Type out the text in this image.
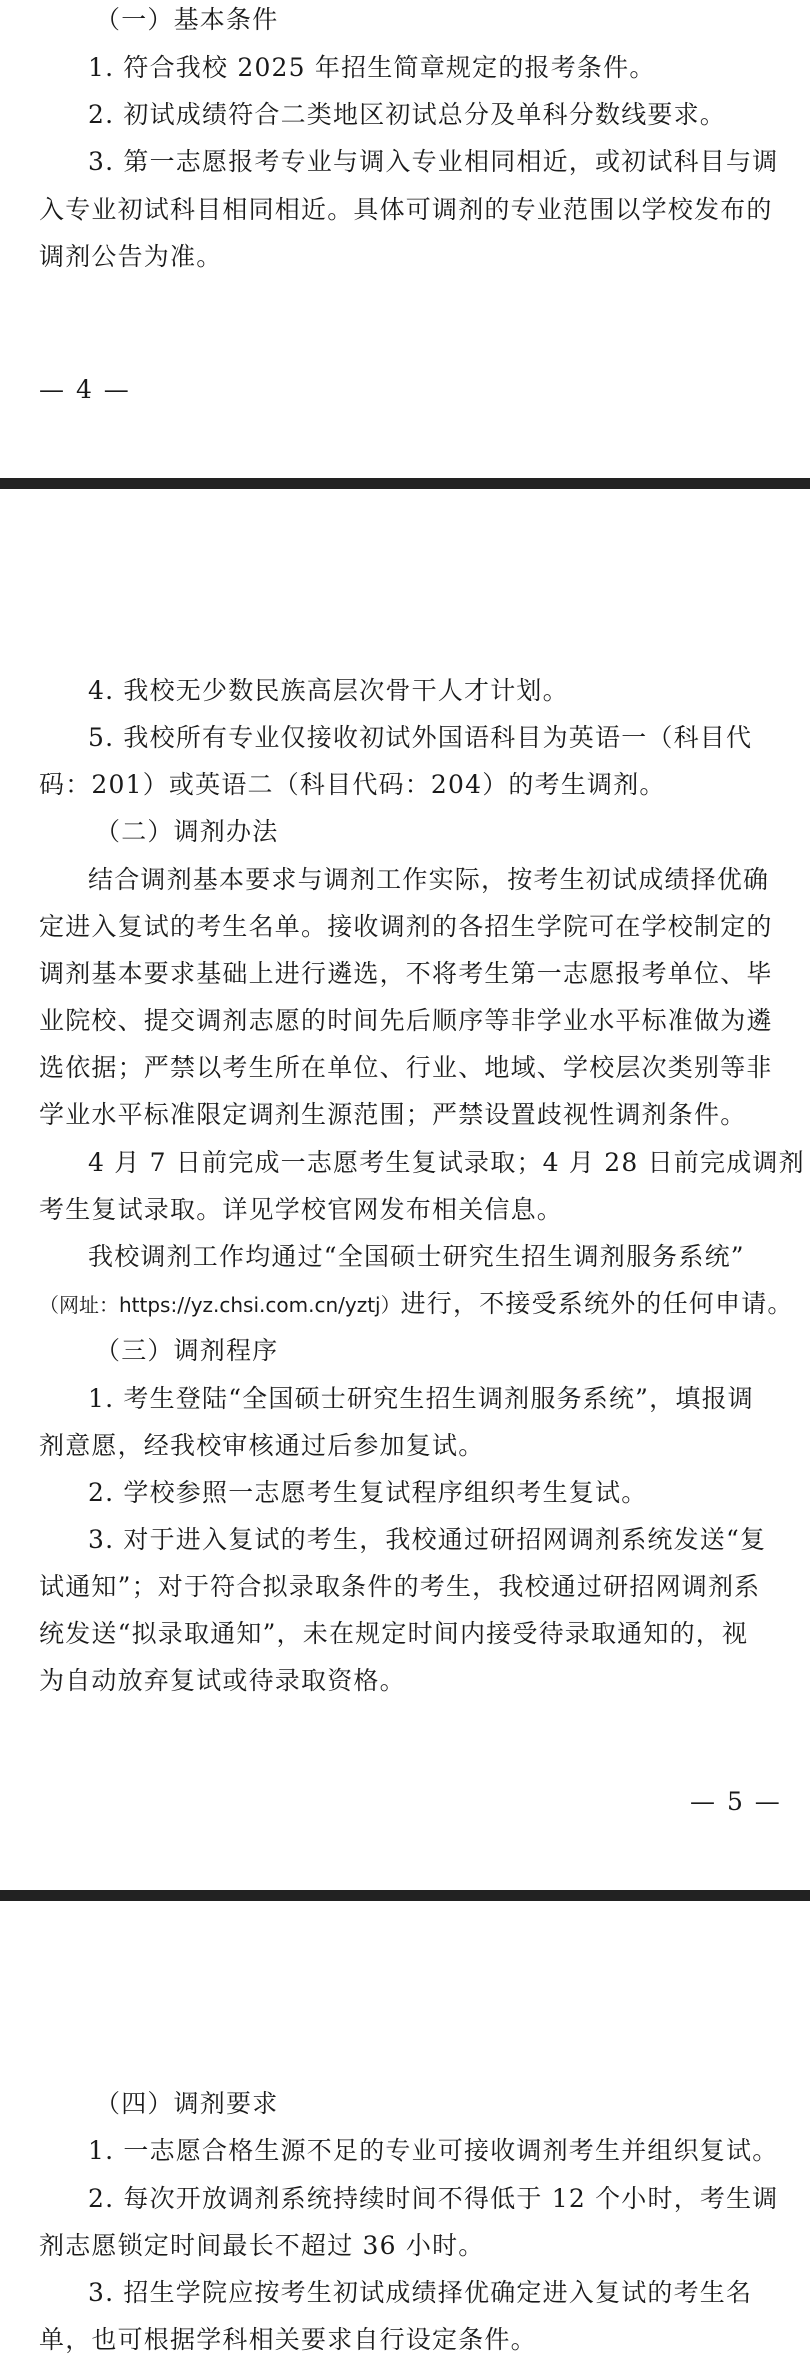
（一）基本条件
1. 符合我校 2025 年招生简章规定的报考条件。
2. 初试成绩符合二类地区初试总分及单科分数线要求。
3. 第一志愿报考专业与调入专业相同相近，或初试科目与调
入专业初试科目相同相近。具体可调剂的专业范围以学校发布的
调剂公告为准。
— 4 —
4. 我校无少数民族高层次骨干人才计划。
5. 我校所有专业仅接收初试外国语科目为英语一（科目代
码：201）或英语二（科目代码：204）的考生调剂。
（二）调剂办法
结合调剂基本要求与调剂工作实际，按考生初试成绩择优确
定进入复试的考生名单。接收调剂的各招生学院可在学校制定的
调剂基本要求基础上进行遴选，不将考生第一志愿报考单位、毕
业院校、提交调剂志愿的时间先后顺序等非学业水平标准做为遴
选依据；严禁以考生所在单位、行业、地域、学校层次类别等非
学业水平标准限定调剂生源范围；严禁设置歧视性调剂条件。
4 月 7 日前完成一志愿考生复试录取；4 月 28 日前完成调剂
考生复试录取。详见学校官网发布相关信息。
我校调剂工作均通过“全国硕士研究生招生调剂服务系统”
（网址：https://yz.chsi.com.cn/yztj）进行，不接受系统外的任何申请。
（三）调剂程序
1. 考生登陆“全国硕士研究生招生调剂服务系统”，填报调
剂意愿，经我校审核通过后参加复试。
2. 学校参照一志愿考生复试程序组织考生复试。
3. 对于进入复试的考生，我校通过研招网调剂系统发送“复
试通知”；对于符合拟录取条件的考生，我校通过研招网调剂系
统发送“拟录取通知”，未在规定时间内接受待录取通知的，视
为自动放弃复试或待录取资格。
— 5 —
（四）调剂要求
1. 一志愿合格生源不足的专业可接收调剂考生并组织复试。
2. 每次开放调剂系统持续时间不得低于 12 个小时，考生调
剂志愿锁定时间最长不超过 36 小时。
3. 招生学院应按考生初试成绩择优确定进入复试的考生名
单，也可根据学科相关要求自行设定条件。
